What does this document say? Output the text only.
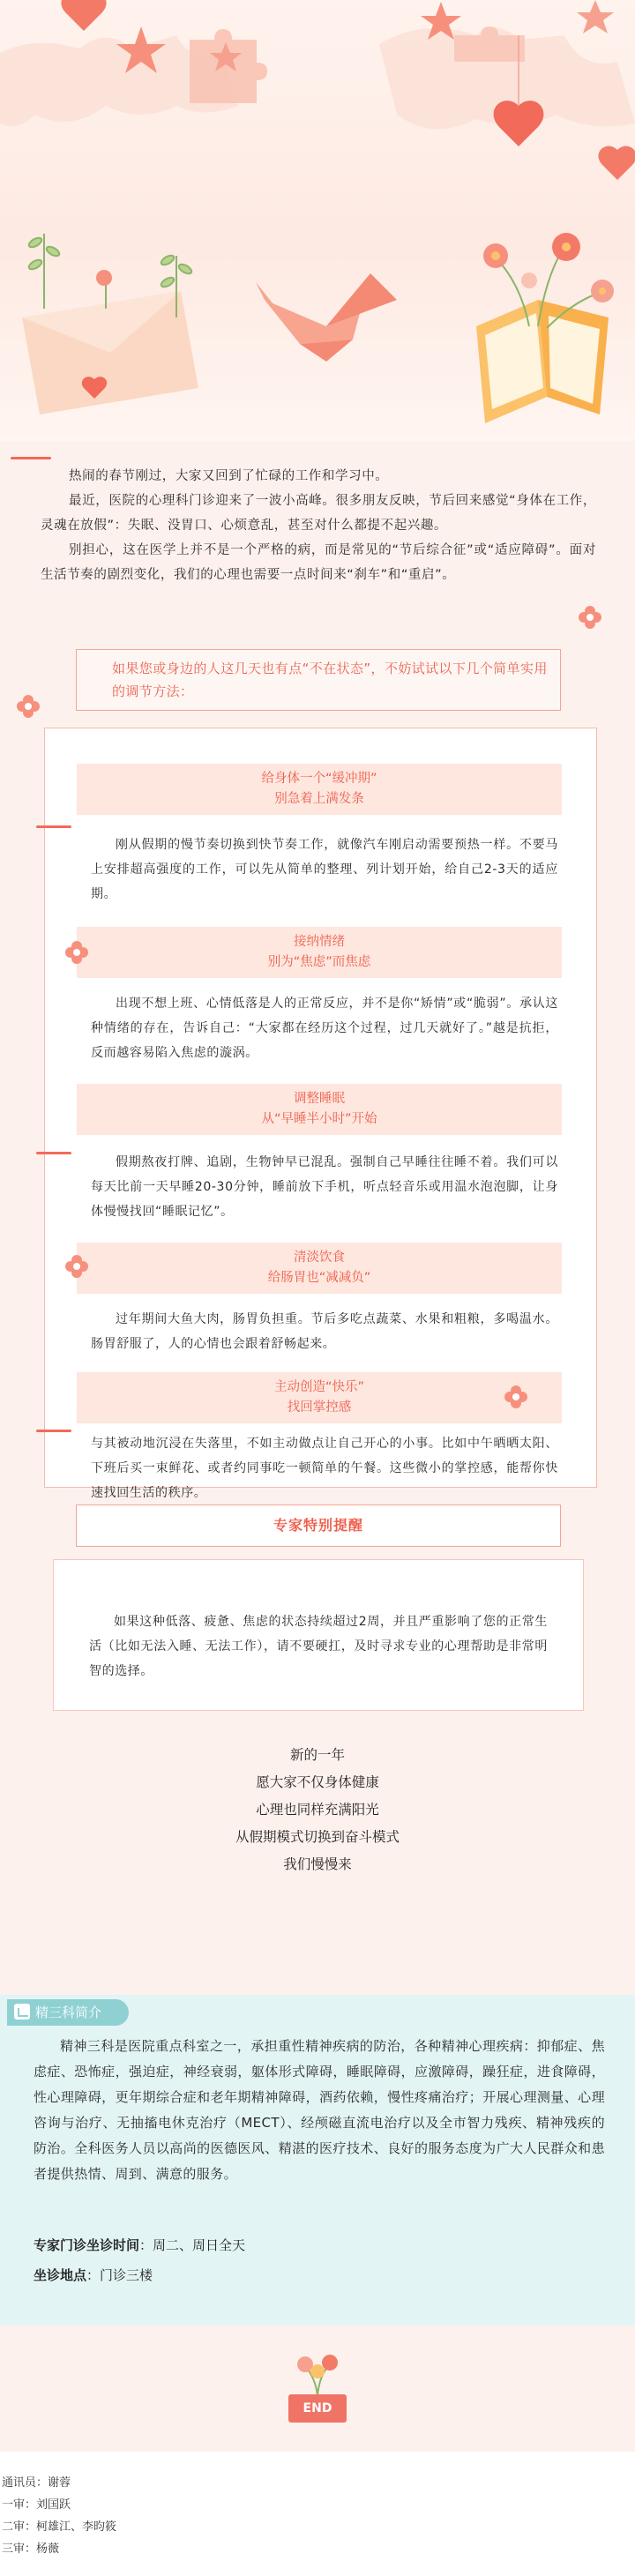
热闹的春节刚过，大家又回到了忙碌的工作和学习中。
最近，医院的心理科门诊迎来了一波小高峰。很多朋友反映，节后回来感觉“身体在工作，灵魂在放假”：失眠、没胃口、心烦意乱，甚至对什么都提不起兴趣。
别担心，这在医学上并不是一个严格的病，而是常见的“节后综合征”或“适应障碍”。面对生活节奏的剧烈变化，我们的心理也需要一点时间来“刹车”和“重启”。
如果您或身边的人这几天也有点“不在状态”，不妨试试以下几个简单实用的调节方法：
给身体一个“缓冲期”
别急着上满发条
刚从假期的慢节奏切换到快节奏工作，就像汽车刚启动需要预热一样。不要马上安排超高强度的工作，可以先从简单的整理、列计划开始，给自己2-3天的适应期。
接纳情绪
别为“焦虑”而焦虑
出现不想上班、心情低落是人的正常反应，并不是你“矫情”或“脆弱”。承认这种情绪的存在，告诉自己：“大家都在经历这个过程，过几天就好了。”越是抗拒，反而越容易陷入焦虑的漩涡。
调整睡眠
从“早睡半小时”开始
假期熬夜打牌、追剧，生物钟早已混乱。强制自己早睡往往睡不着。我们可以每天比前一天早睡20-30分钟，睡前放下手机，听点轻音乐或用温水泡泡脚，让身体慢慢找回“睡眠记忆”。
清淡饮食
给肠胃也“减减负”
过年期间大鱼大肉，肠胃负担重。节后多吃点蔬菜、水果和粗粮，多喝温水。肠胃舒服了，人的心情也会跟着舒畅起来。
主动创造“快乐”
找回掌控感
与其被动地沉浸在失落里，不如主动做点让自己开心的小事。比如中午晒晒太阳、下班后买一束鲜花、或者约同事吃一顿简单的午餐。这些微小的掌控感，能帮你快速找回生活的秩序。
专家特别提醒
如果这种低落、疲惫、焦虑的状态持续超过2周，并且严重影响了您的正常生活（比如无法入睡、无法工作），请不要硬扛，及时寻求专业的心理帮助是非常明智的选择。
新的一年
愿大家不仅身体健康
心理也同样充满阳光
从假期模式切换到奋斗模式
我们慢慢来
精神三科是医院重点科室之一，承担重性精神疾病的防治，各种精神心理疾病：抑郁症、焦虑症、恐怖症，强迫症，神经衰弱，躯体形式障碍，睡眠障碍，应激障碍，躁狂症，进食障碍，性心理障碍，更年期综合症和老年期精神障碍，酒药依赖，慢性疼痛治疗；开展心理测量、心理咨询与治疗、无抽搐电休克治疗（MECT）、经颅磁直流电治疗以及全市智力残疾、精神残疾的防治。全科医务人员以高尚的医德医风、精湛的医疗技术、良好的服务态度为广大人民群众和患者提供热情、周到、满意的服务。
专家门诊坐诊时间：周二、周日全天
坐诊地点：门诊三楼
精三科简介
END
通讯员：谢蓉
一审：刘国跃
二审：柯雄江、李昀筱
三审：杨薇
